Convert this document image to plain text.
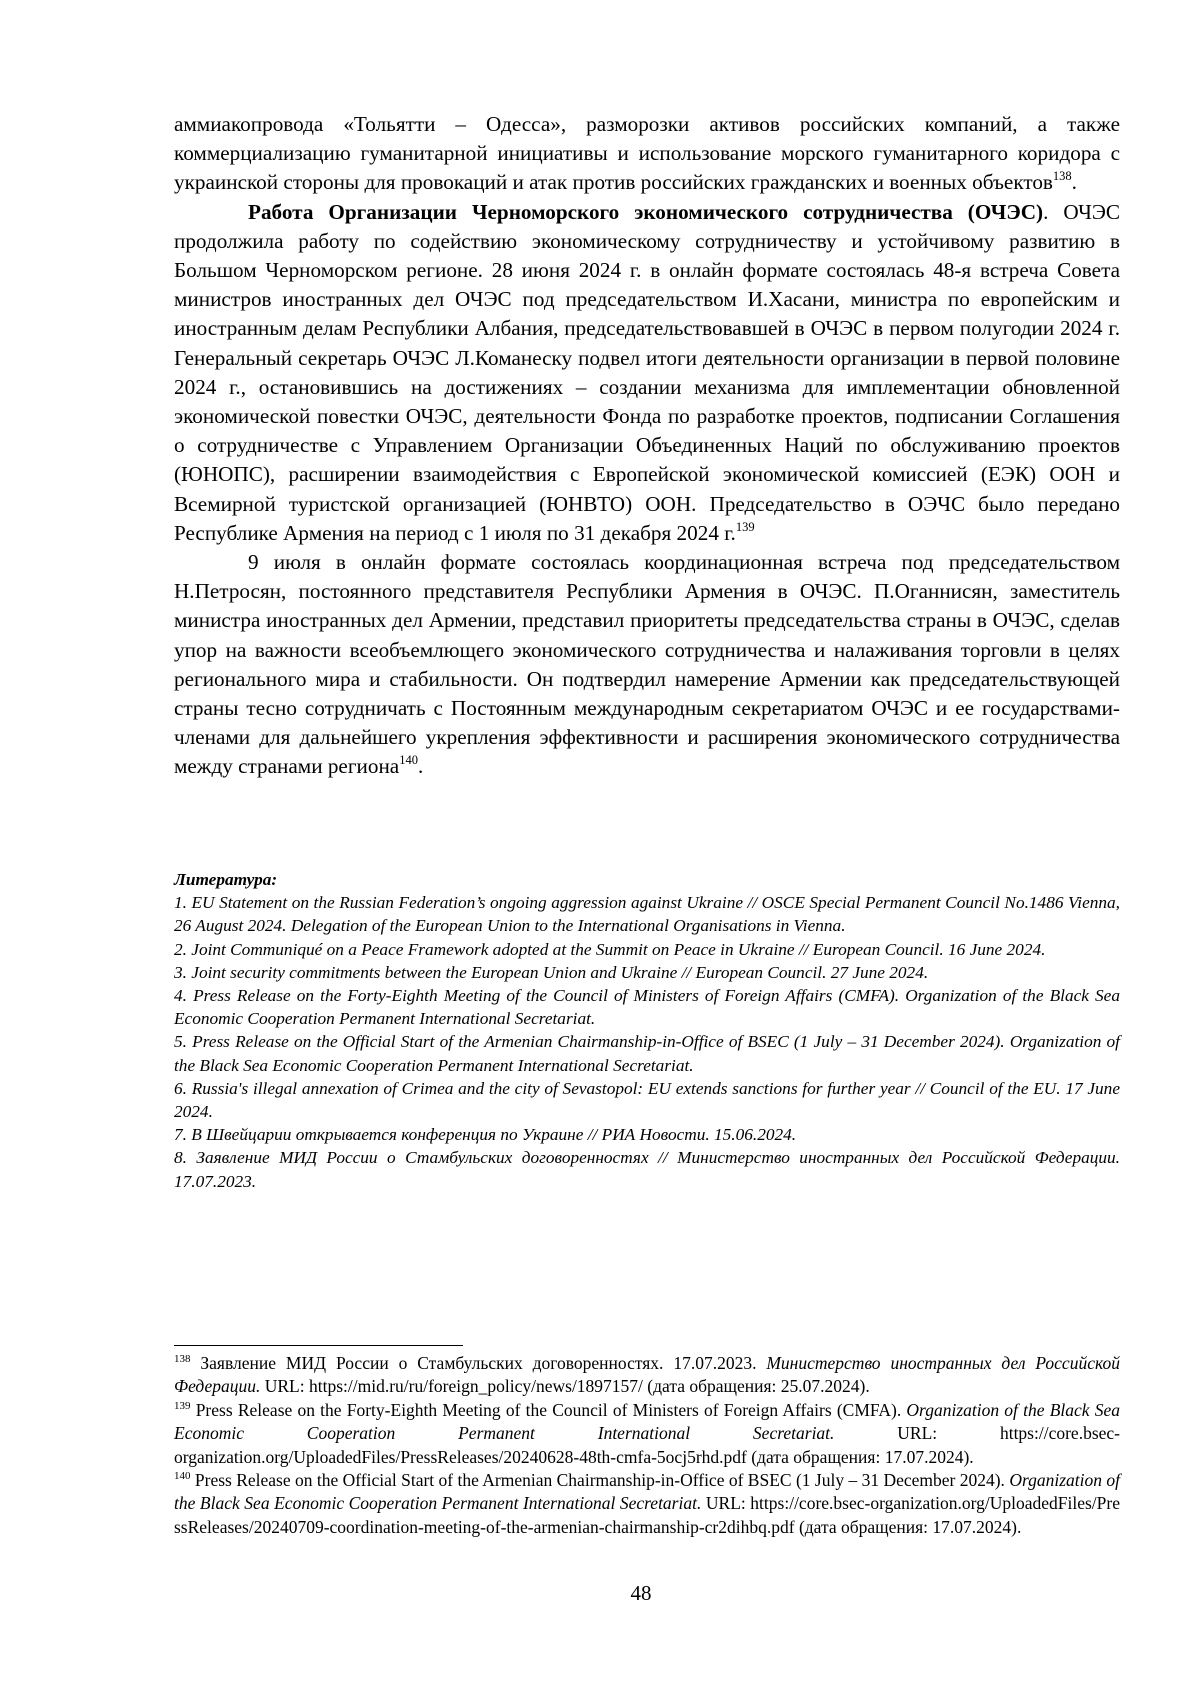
аммиакопровода «Тольятти – Одесса», разморозки активов российских компаний, а также коммерциализацию гуманитарной инициативы и использование морского гуманитарного коридора с украинской стороны для провокаций и атак против российских гражданских и военных объектов$^{138}$.

Работа Организации Черноморского экономического сотрудничества (ОЧЭС). ОЧЭС продолжила работу по содействию экономическому сотрудничеству и устойчивому развитию в Большом Черноморском регионе. 28 июня 2024 г. в онлайн формате состоялась 48-я встреча Совета министров иностранных дел ОЧЭС под председательством И.Хасани, министра по европейским и иностранным делам Республики Албания, председательствовавшей в ОЧЭС в первом полугодии 2024 г. Генеральный секретарь ОЧЭС Л.Команеску подвел итоги деятельности организации в первой половине 2024 г., остановившись на достижениях – создании механизма для имплементации обновленной экономической повестки ОЧЭС, деятельности Фонда по разработке проектов, подписании Соглашения о сотрудничестве с Управлением Организации Объединенных Наций по обслуживанию проектов (ЮНОПС), расширении взаимодействия с Европейской экономической комиссией (ЕЭК) ООН и Всемирной туристской организацией (ЮНВТО) ООН. Председательство в ОЭЧС было передано Республике Армения на период с 1 июля по 31 декабря 2024 г.$^{139}$

9 июля в онлайн формате состоялась координационная встреча под председательством Н.Петросян, постоянного представителя Республики Армения в ОЧЭС. П.Оганнисян, заместитель министра иностранных дел Армении, представил приоритеты председательства страны в ОЧЭС, сделав упор на важности всеобъемлющего экономического сотрудничества и налаживания торговли в целях регионального мира и стабильности. Он подтвердил намерение Армении как председательствующей страны тесно сотрудничать с Постоянным международным секретариатом ОЧЭС и ее государствами-членами для дальнейшего укрепления эффективности и расширения экономического сотрудничества между странами региона$^{140}$.

Литература:

1. EU Statement on the Russian Federation’s ongoing aggression against Ukraine // OSCE Special Permanent Council No.1486 Vienna, 26 August 2024. Delegation of the European Union to the International Organisations in Vienna.

2. Joint Communiqué on a Peace Framework adopted at the Summit on Peace in Ukraine // European Council. 16 June 2024.

3. Joint security commitments between the European Union and Ukraine // European Council. 27 June 2024.

4. Press Release on the Forty-Eighth Meeting of the Council of Ministers of Foreign Affairs (CMFA). Organization of the Black Sea Economic Cooperation Permanent International Secretariat.

5. Press Release on the Official Start of the Armenian Chairmanship-in-Office of BSEC (1 July – 31 December 2024). Organization of the Black Sea Economic Cooperation Permanent International Secretariat.

6. Russia's illegal annexation of Crimea and the city of Sevastopol: EU extends sanctions for further year // Council of the EU. 17 June 2024.

7. В Швейцарии открывается конференция по Украине // РИА Новости. 15.06.2024.

8. Заявление МИД России о Стамбульских договоренностях // Министерство иностранных дел Российской Федерации. 17.07.2023.

$^{138}$ Заявление МИД России о Стамбульских договоренностях. 17.07.2023. Министерство иностранных дел Российской Федерации. URL: https://mid.ru/ru/foreign_policy/news/1897157/ (дата обращения: 25.07.2024).

$^{139}$ Press Release on the Forty-Eighth Meeting of the Council of Ministers of Foreign Affairs (CMFA). Organization of the Black Sea Economic Cooperation Permanent International Secretariat. URL: https://core.bsec-organization.org/UploadedFiles/PressReleases/20240628-48th-cmfa-5ocj5rhd.pdf (дата обращения: 17.07.2024).

$^{140}$ Press Release on the Official Start of the Armenian Chairmanship-in-Office of BSEC (1 July – 31 December 2024). Organization of the Black Sea Economic Cooperation Permanent International Secretariat. URL: https://core.bsec-organization.org/UploadedFiles/PressReleases/20240709-coordination-meeting-of-the-armenian-chairmanship-cr2dihbq.pdf (дата обращения: 17.07.2024).

48
